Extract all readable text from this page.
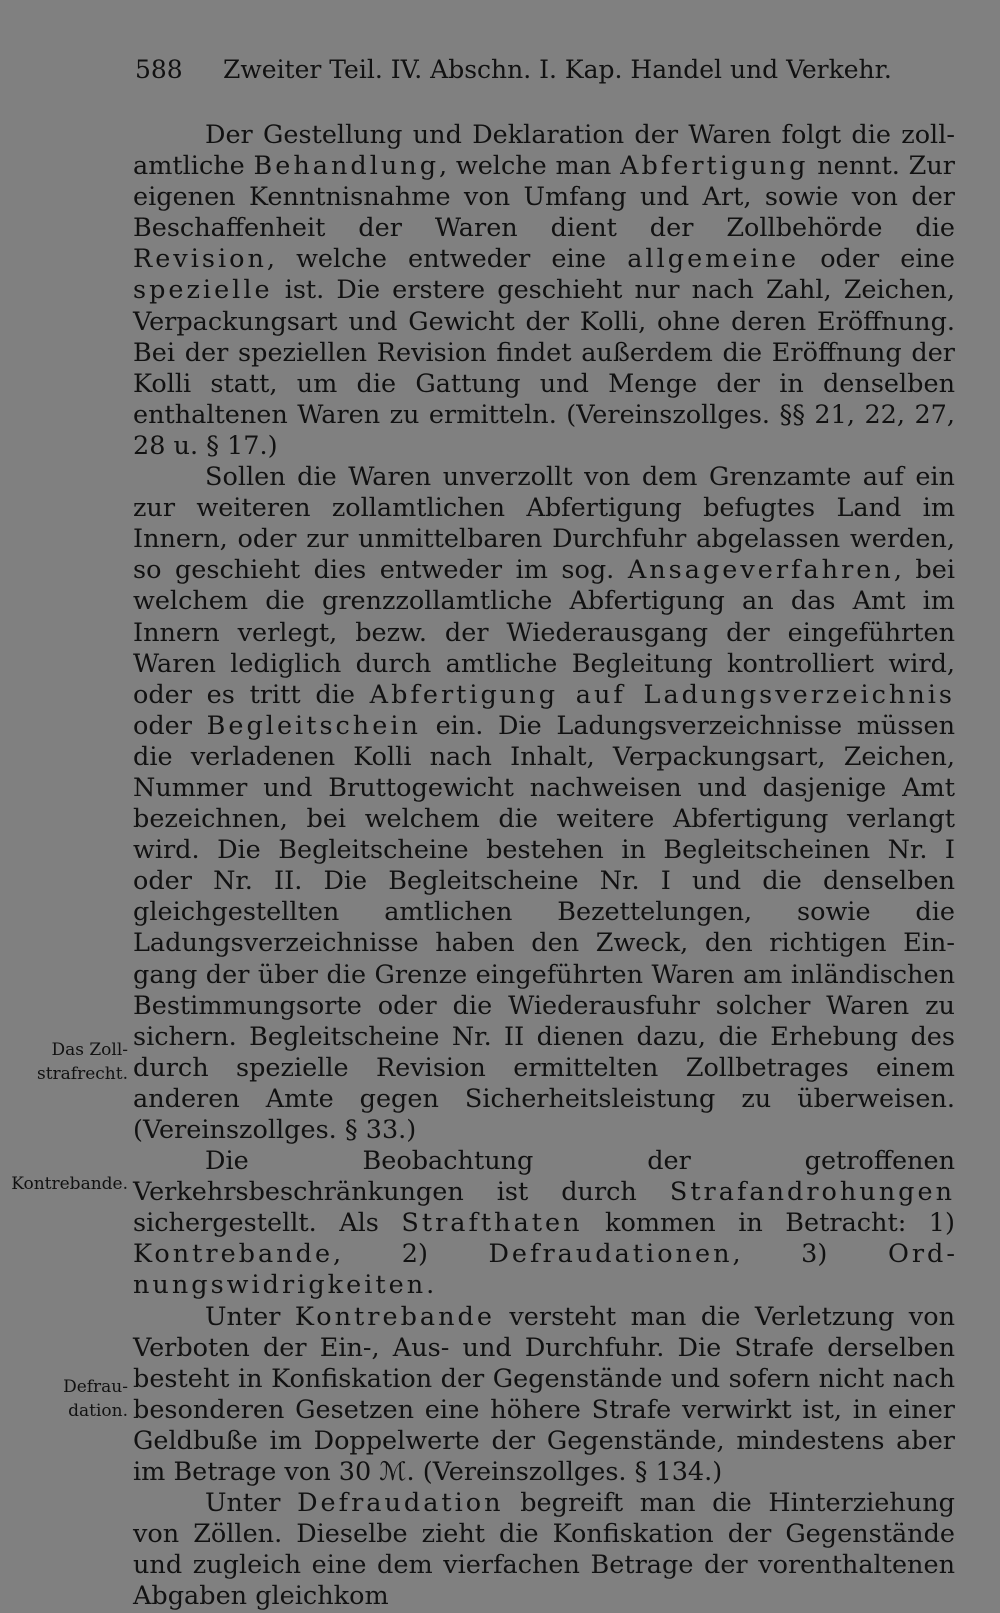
588 Zweiter Teil. IV. Abschn. I. Kap. Handel und Verkehr.
Das Zoll-
strafrecht.
Kontrebande.
Defrau-
dation.

Der Gestellung und Deklaration der Waren folgt die zollamtliche Behandlung, welche man Abfertigung nennt. Zur eigenen Kenntnisnahme von Umfang und Art, sowie von der Beschaffenheit der Waren dient der Zollbehörde die Revision, welche entweder eine allgemeine oder eine spezielle ist. Die erstere geschieht nur nach Zahl, Zeichen, Verpackungsart und Gewicht der Kolli, ohne deren Eröffnung. Bei der speziellen Revision findet außerdem die Eröffnung der Kolli statt, um die Gattung und Menge der in denselben enthaltenen Waren zu ermitteln. (Vereinszollges. §§ 21, 22, 27, 28 u. § 17.)

Sollen die Waren unverzollt von dem Grenzamte auf ein zur weiteren zollamtlichen Abfertigung befugtes Land im Innern, oder zur unmittelbaren Durchfuhr abgelassen werden, so geschieht dies entweder im sog. Ansageverfahren, bei welchem die grenzzollamtliche Abfertigung an das Amt im Innern verlegt, bezw. der Wiederausgang der eingeführten Waren lediglich durch amtliche Begleitung kontrolliert wird, oder es tritt die Abfertigung auf Ladungsverzeichnis oder Begleitschein ein. Die Ladungsverzeichnisse müssen die verladenen Kolli nach Inhalt, Verpackungsart, Zeichen, Nummer und Bruttogewicht nachweisen und dasjenige Amt bezeichnen, bei welchem die weitere Abfertigung verlangt wird. Die Begleitscheine bestehen in Begleitscheinen Nr. I oder Nr. II. Die Begleitscheine Nr. I und die denselben gleichgestellten amtlichen Bezettelungen, sowie die Ladungsverzeichnisse haben den Zweck, den richtigen Eingang der über die Grenze eingeführten Waren am inländischen Bestimmungsorte oder die Wiederausfuhr solcher Waren zu sichern. Begleitscheine Nr. II dienen dazu, die Erhebung des durch spezielle Revision ermittelten Zollbetrages einem anderen Amte gegen Sicherheitsleistung zu überweisen. (Vereinszollges. § 33.)

Die Beobachtung der getroffenen Verkehrsbeschränkungen ist durch Strafandrohungen sichergestellt. Als Strafthaten kommen in Betracht: 1) Kontrebande, 2) Defraudationen, 3) Ordnungswidrigkeiten.

Unter Kontrebande versteht man die Verletzung von Verboten der Ein-, Aus- und Durchfuhr. Die Strafe derselben besteht in Konfiskation der Gegenstände und sofern nicht nach besonderen Gesetzen eine höhere Strafe verwirkt ist, in einer Geldbuße im Doppelwerte der Gegenstände, mindestens aber im Betrage von 30 ℳ. (Vereinszollges. § 134.)

Unter Defraudation begreift man die Hinterziehung von Zöllen. Dieselbe zieht die Konfiskation der Gegenstände und zugleich eine dem vierfachen Betrage der vorenthaltenen Abgaben gleichkom
